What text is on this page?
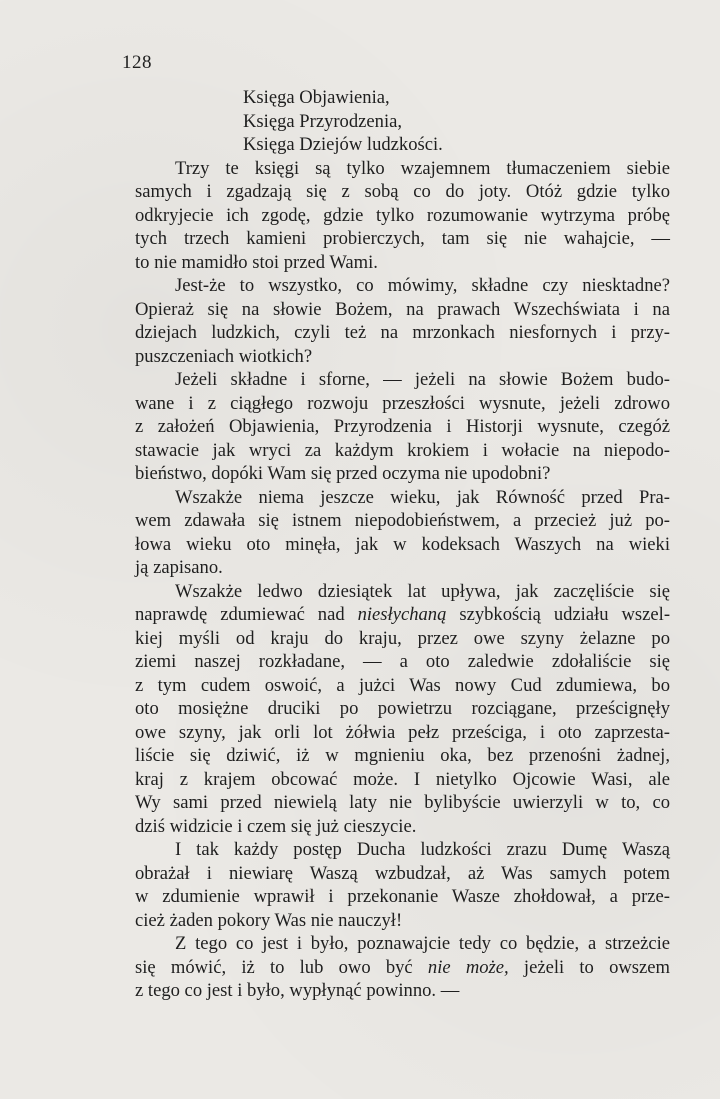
128
Księga Objawienia,
Księga Przyrodzenia,
Księga Dziejów ludzkości.
Trzy te księgi są tylko wzajemnem tłumaczeniem siebie
samych i zgadzają się z sobą co do joty. Otóż gdzie tylko
odkryjecie ich zgodę, gdzie tylko rozumowanie wytrzyma próbę
tych trzech kamieni probierczych, tam się nie wahajcie, —
to nie mamidło stoi przed Wami.
Jest-że to wszystko, co mówimy, składne czy niesktadne?
Opieraż się na słowie Bożem, na prawach Wszechświata i na
dziejach ludzkich, czyli też na mrzonkach niesfornych i przy-
puszczeniach wiotkich?
Jeżeli składne i sforne, — jeżeli na słowie Bożem budo-
wane i z ciągłego rozwoju przeszłości wysnute, jeżeli zdrowo
z założeń Objawienia, Przyrodzenia i Historji wysnute, czegóż
stawacie jak wryci za każdym krokiem i wołacie na niepodo-
bieństwo, dopóki Wam się przed oczyma nie upodobni?
Wszakże niema jeszcze wieku, jak Równość przed Pra-
wem zdawała się istnem niepodobieństwem, a przecież już po-
łowa wieku oto minęła, jak w kodeksach Waszych na wieki
ją zapisano.
Wszakże ledwo dziesiątek lat upływa, jak zaczęliście się
naprawdę zdumiewać nad niesłychaną szybkością udziału wszel-
kiej myśli od kraju do kraju, przez owe szyny żelazne po
ziemi naszej rozkładane, — a oto zaledwie zdołaliście się
z tym cudem oswoić, a jużci Was nowy Cud zdumiewa, bo
oto mosiężne druciki po powietrzu rozciągane, prześcignęły
owe szyny, jak orli lot żółwia pełz prześciga, i oto zaprzesta-
liście się dziwić, iż w mgnieniu oka, bez przenośni żadnej,
kraj z krajem obcować może. I nietylko Ojcowie Wasi, ale
Wy sami przed niewielą laty nie bylibyście uwierzyli w to, co
dziś widzicie i czem się już cieszycie.
I tak każdy postęp Ducha ludzkości zrazu Dumę Waszą
obrażał i niewiarę Waszą wzbudzał, aż Was samych potem
w zdumienie wprawił i przekonanie Wasze zhołdował, a prze-
cież żaden pokory Was nie nauczył!
Z tego co jest i było, poznawajcie tedy co będzie, a strzeżcie
się mówić, iż to lub owo być nie może, jeżeli to owszem
z tego co jest i było, wypłynąć powinno. —
